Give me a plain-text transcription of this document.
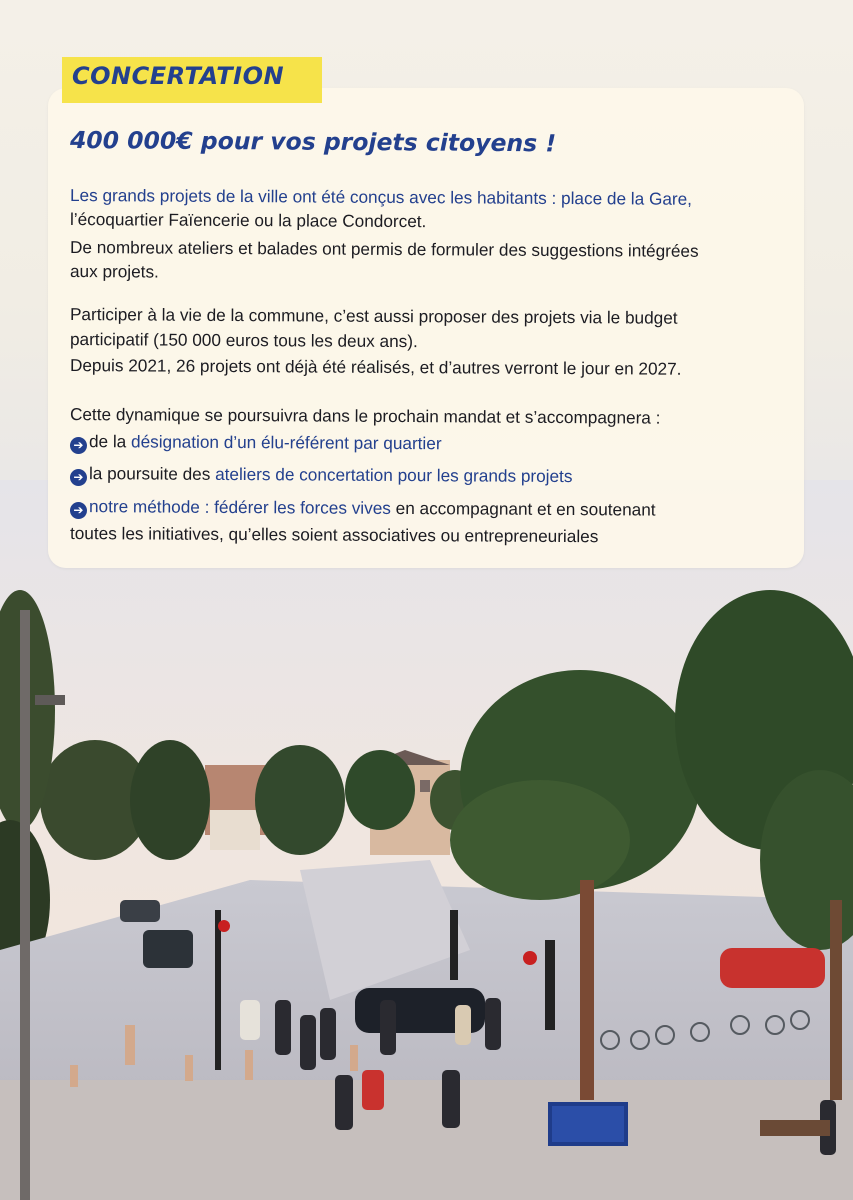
CONCERTATION
400 000€ pour vos projets citoyens !
Les grands projets de la ville ont été conçus avec les habitants : place de la Gare,
l’écoquartier Faïencerie ou la place Condorcet.
De nombreux ateliers et balades ont permis de formuler des suggestions intégrées
aux projets.
Participer à la vie de la commune, c’est aussi proposer des projets via le budget
participatif (150 000 euros tous les deux ans).
Depuis 2021, 26 projets ont déjà été réalisés, et d’autres verront le jour en 2027.
Cette dynamique se poursuivra dans le prochain mandat et s’accompagnera :
➔ de la désignation d’un élu-référent par quartier
➔ la poursuite des ateliers de concertation pour les grands projets
➔ notre méthode : fédérer les forces vives en accompagnant et en soutenant
toutes les initiatives, qu’elles soient associatives ou entrepreneuriales
